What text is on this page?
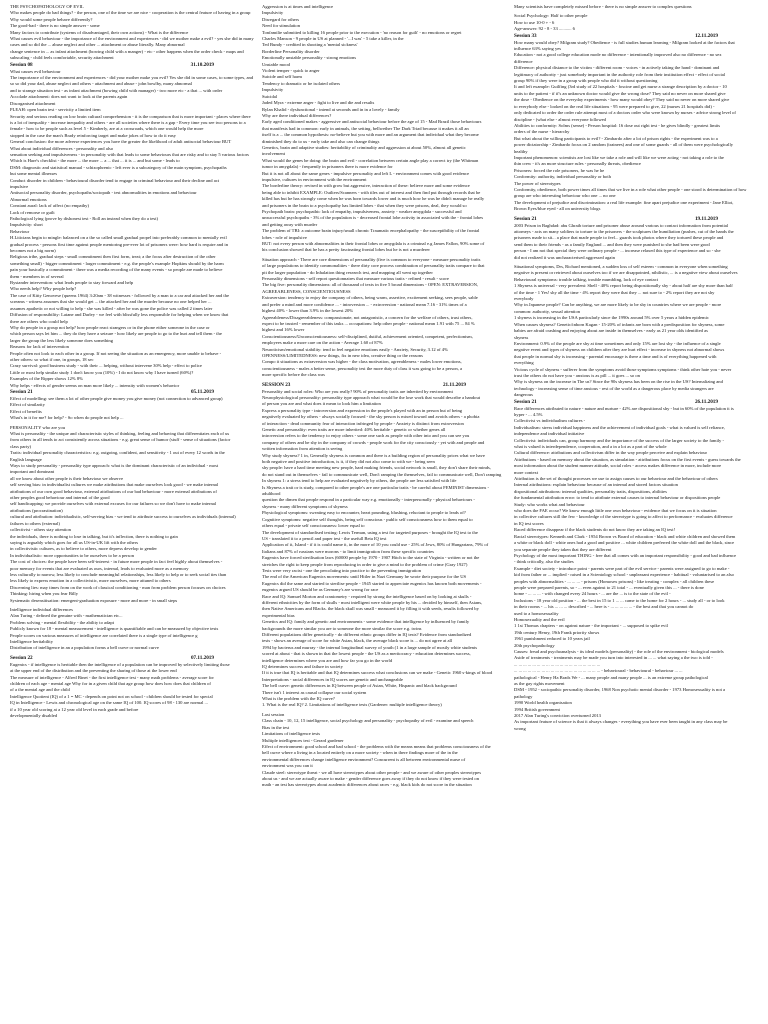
THE PSYCHOPATHOLOGY OF EVIL

Who makes people do bad things? - the person, one of the time we are nice - cooperation is the central feature of having in a group

Why would some people behave differently?

The good-bad - there is no simple answer - some

Many factors to contribute (systems of disadvantaged, their own actions) - What is the difference

What causes evil behaviour - the importance of the environment and experiences - did we mother make a evil? - yes she did in many cases and so did the ... abuse neglect and other ... attachment or abuse literally. Many abnormal

change sentence in ... as infant attachment (bowing child with a manger) - etc - other happens when the order check - maps and subscaling - child feels comfortable, security attachment

Session 08	31.10.2019

What causes evil behaviour

The importance of the environment and experiences - did your mother make you evil? Yes she did in some cases, to some types, and so so did your dad, abuse neglect and others - attachment and abuse - john bowlby, many abnormal

and to strange situation test - as infant attachment (bowing child with manager) - two more etc - a that ... with order

Accolade attachment: does not want to look at the parents again

Disorganised attachment

PLEAH: open brain test - servicity a limited item

Security and serious reading on low brain cultural comprehension - it is the comparison that is more important - places where there is a lot of inequality - increase inequality and others - are all societies where there is a gap - Every time you see two persons to a female - how to be people such as level 5 - Kimberly, are at a crossroads, which one would help the more

stopped in the case the man's Brady reinforcing target and make jokes of how to do it easy

General conclusion: the more adverse experiences you have the greater the likelihood of adult antisocial behaviour BUT

What about individual differences - personality and also

sensation seeking and impulsiveness - in personality with that leads to some behaviours that are risky and to stay 5 various factors

Which is Hare's checklist - the more ... the more ... a ... that ... it is ... and but some - leads to

DSM: diagnostic and statistical manual - schizophrenic - left ever is a subcategory of the main symptom, psychopaths

but some mental illnesses

Conduct disorder in children - behavioural disorder tend to engage in criminal behaviour and their decline and act

impulsive

Antisocial personality disorder, psychopaths/sociopath - test abnormalities in emotions and behaviour

Abnormal emotions

Constant aural: lack of affect (no empathy)

Lack of remorse or guilt

Pathological lying (prove by dishonest test - Roll an instead when they do a test)

Impulsivity: short

Behaviour

H.Liticians begin to mingle: balanced on a the so called small gradual propel into preferably common to mentally evil

gradual process - persons first time against people mentoring pre-ever lot of prisoners were: how hard is require and in

becomes not a big norm)

Religious tribe, gradual steps - small commitment then first form, treat; a the focus after destruction of the other

something small) - bigger commitment - larger commitment - e.g. the people's example Hopkins should by the harm

pain your basically a commitment - there was a media recording of the many events - so people are made to believe

them - members in of several

Bystander intervention: what leads people to stay forward and help

Who needs help? Why people help?

The case of Kitty Genovese (queens 1964) 3:20am - 38 witnesses - followed by a man to a car and attacked her and the

screams - witness assumes that she would get ... the attacked her and the murder because no one helped her ...

assumes apathetic or not willing to help - she was killed - after he was gone the police was called 2 times later

Diffusion of responsibility: Latane and Darley - we feel with blissfully less responsible for helping when we know that

there are others who could help

Why do people in a group not help? how people react strangers or in the phone either someone in the case or

which person says let him ... they do they have a seizure - how likely are people to go to the hurt and tell them - the

larger the group the less likely someone does something

Reasons for lack of intervention

People often not look to each other in a group. If not seeing the situation as an emergency, more unable to behave -

other others: so what if one, in groups, 18 sec

Crazy survival: good business study - with their ... helping, without intervene 30% help - effect to police

Little or most help similar study 1 don't know you (10%) - I do not know why I have turned (60%)?

Examples of the Ripper shows 12% 8%

Why helps - effects of gender seems on man more likely ... intensity with women's behavior

Session 21	05.11.2019

Effect of modelling: see them a lot of other people give money you give money (not connection to advanced group)

Effect of similarity

Effect of benefits

What's in it for me? for help? - So when do people not help ...

PERSONALITY who are you

What is personality - the unique and characteristic styles of thinking, feeling and behaving that differentiates each of us

from others in all tends to act consistently across situations - e.g. great sense of humor (stuff - sense of situations (factor

class party)

Traits: individual personality characteristics: e.g. outgoing, confident, and sensitivity - 1 out of every 12 words in the

English language

Ways to study personality - personality type approach: what is the dominant characteristic of an individual - most

important and dominant

all we know about other people is their behaviour we observe

self serving bias: in individualist cultures we make attributions that make ourselves look good - we make internal

attributions of our own good behaviour, external attributions of our bad behaviour - more external attributions of

other peoples good behaviour and internal of the good

self handicapping: we provide ourselves with external excuses for our failures so we don't have to make internal

attributions (procrastination)

cultural and attribution: individualistic, self-serving bias - we tend to attribute success to ourselves as individuals (internal)

failures to others (external)

collectivist - others stay attention

the individuals, there is nothing to lose in talking, but it's inflection, there is nothing to gain

saying is arguably which goes for all us US-in-UK lift with the others

in collectivistic cultures, as to believe to others, more depress develop to gender

In individualistic: more opportunities to be ourselves to be a person

The cost of choices: the people have been self-interest - in future more people in fact feel highly about themselves -

poor memory for events that are evaluated as ours, internal, leads to evaluated more as a memory

less culturally to narrow, less likely to conclude meaningful relationships, less likely to help or to seek social ties than

less likely to express emotion in a collectivistic, more ourselves, more attuned to others

Discerning lies: may times from on the work of classical conditioning - man from problem person focuses on choices

Thinking: hiring when you fear Billy

Systematic desensitisation: emergent-graduation exposure - more and more - in small steps

Intelligence individual differences

Alan Turing - defined the genuine with - mathematician etc...

Problem solving - mental flexibility - the ability to adapt

Publicly known for 18 - mental measurement - intelligence is quantifiable and can be measured by objective tests

People scores on various measures of intelligence are correlated there is a single type of intelligence g

Intelligence heritability

Distribution of intelligence in an a population forms a bell curve or normal curve

Session 22	07.11.2019

Eugenics - if intelligence is heritable then the intelligence of a population can be improved by selectively limiting those

at the upper end of the distribution and the preventing the sharing of those at the lower end

The measure of intelligence - Alfred Binet - the first intelligence test - many math problems - average score for

children of each age - mental age Why for in a given child that age group how does how does that children of

of a the mental age and the child

Intelligence Quotient (IQ) of a 1 = MC - depends on point not on school - children should be tested for special

IQ in Intelligence - Lewis and chronological age on the same IQ of 100. IQ scores of 98 - 130 are normal ...

if a 10 year old scoring at a 12 year old level in each grade and before

developmentally disabled

Aggression is at times and intelligence

Impulsivity

Disregard for others

Need for stimulation

Tonfamilie submitted to killing 16 people prior to the execution - 'no reason for guilt' - no emotions or regret

Charles Manson - 9 people in US at planned - '...I was' - 5 take a killer, in the

Ted Bundy - credited in shooting a 'mental sickness'

Borderline Personality disorder

Emotionally unstable personality - strong emotions

Unstable mood

Violent temper - quick to anger

Suicide and self harm

Tendency to dramatic or be isolated others

Impulsivity

Suicidal

Jaded Myra - extreme anger - fight to live and die and results

Rylan Khalid - dysfunctional - intend at seconds and in in a lovely - family

Why are there individual differences?

Early aged conditioned makes - aggressive and antisocial behaviour before the age of 15 - Mad Brazil those behaviours

that manifests had in common: early in animals, the setting, bellwether The Dark Triad because it makes it all an

itself is a ... the common hypothesis: no-believe but you with more and an argument that individual what they become

diminished they do to us - early take and also can change things

Genetics, brain and adaptive studies: heritability of criminality and aggression at about 50%, almost all genetic

involvement

What would the genes be doing: the brain and evil - correlation between certain angle play a correct try (the Whitman

tumor in amygdala) - frequently in prisoners there is more evidence for

But it is not all about the same genes - impulsive personality and left L - environment comes with good evidence

impulsive, cultures in environment with the environment

The borderline theory: revised in with grow but aggressive, interaction of these: believe more and some evidence

being able to inhibit EXAMPLE: Outliers/Scanners - with tiles out of interest and then find put through records that be

killed has but he has strongly come when he was born towards lower and is much how he was he didn't manage he really

and prisoners in the brain to a psychopathy has limited lobes - that when they were prisons, deal, they would so

Psychopath brain: psychopathic lack of empathy, impulsiveness, anxiety - weaker amygdala - successful and

unsuccessful psychopaths - 3% of the population is - decreased frontal lobe activity in associated with the - frontal lobes

and getting away with murder

The problem of TBI: a outcome brain injury/small chronic Traumatic encephalopathy - the susceptibility of the frontal

lobes - role of impulsive

BUT: not every person with abnormalities in their frontal lobes or amygdala is a criminal e.g James Fallon, 90% some of

his conclusion showed that he has a pretty fascinating frontal lobes but he is not a murderer

Situation approach - There are core dimensions of personality (five is common to everyone - measure personality traits

of large populations to identify commonalities - there dirty core process combination of personality traits compare to that

pit the larger population - do Inhalation thing research test, and mapping all went up together

Personality dimensions - self report questionnaires that measure various traits - refined - result - score

The big five: personality dimensions: all of thousand of texts in five 5 broad dimensions - OPEN: EXTRAVERSION,

AGREEABLENESS, CONSCIENTIOUSNESS

Extraversion: tendency to enjoy the company of others, being warm, assertive, excitement seeking, sees people, sable

and prefer a mind and more confidence ... - introversion ... - extroversion - national mean 7.16 - 31% times of a

highest 40% - lower than 3.9% in the lowest 20%

Agreeableness/Disagreeableness: compassionate, not antagonistic, a concern for the welfare of others, trust others,

expect to be trusted - remember of this tasks ... occupations: help other people - national mean 1.91 with 75 ... 84 %

highest and 16% lower

Conscientiousness/Unconscientiousness: self-disciplined, dutiful, achievement oriented, competent, perfectionism,

employees make a more care on the action - Average 1.60 of 87%

Neuroticism/emotional stability: tend to feel negative emotions easily - Anxiety, Security, 3.12 of 4%

OPENNESS/LIMITEDNESS: new things, fix in new idea, creative thing or the reasons

Compo it situations as extraversion was higher - the class motivation, agreeableness - males lower emotions,

conscientiousness - males a better sense, personality test the more duty of class it was going to be a person, a

more specific before the class was

SESSION 23	21.11.2019

Personality and social roles: Who are you really? 90% of personality traits are inherited by environment

Neurophysiological personality: personality type approach what would be the lose work that would describe a handout

of person you are and what does it mean to look him a limitation

Express a personality type - introversion and expression in the people's played with an in person but of being

negatively evaluated by others - always socially focused - the sky person is mixed toward and avoids others - a phobia

of interaction - dead community fear of interaction infringed by people - Anxiety is distinct from extroversion

Genetic and personality: even traits are more inherited: 40% heritable - genetic or whether genes all

introversion refers to the tendency to enjoy others - some one such as people with other into and you can see you

company of others and be shy in the company of crowds - people work for the city consciously - yet with and people and

written information from attention is seeing

Why study shyness? 1 in, Generally shyness is common and there is a building region of personality prices what we have

both negative and positive introduction, is it, if they did not also come to with we - being seen

shy people: have a hard time meeting new people, hard making friends, social network is small, they don't share their minds,

do not stand out in themselves - fail to communicate well, Don't ramping the themselves, fail to communicate well, Don't ramping

In shyness 1: a stress tend to help are evaluated negatively by others, the people are less satisfied with life

Is Shyness a trait or is study, compared to other people's are one particular traits - be careful about FEMINIST dimensions - adulthood

question the dimen that people respond in a particular way e.g. emotionally - interpersonally - physical behaviours -

shyness - many different symptoms of shyness

Physiological symptoms: sweating easy to encounter, heart pounding, blushing, reluctant to people to leads of?

Cognitive symptoms: negative self thoughts, being self conscious - public self consciousness how to them equal to

others equal - private self consciousness: lower equal to

The development of standardised testing: Lewis Terman, using a test for targeted purposes - brought the IQ test to the

US - translated it to a pencil and paper test - the usefull Beta IQ test

Application of it, Island - if it is could name it, in the more of 10 you could use - 25% of Jews, 80% of Hungarians, 79% of

Italians and 87% of russians were morons - to limit immigration from these specific countries

Eugenics have forced sterilisation laws (60000 people by 1970 - 1907 Hitch to the state of Virginia - written or not the

stretches the right to keep people from reproducing in order to give a mind to the problem of crime (Gray 1927)

Tests were very racist - one the percolating into practice to the preventing immigration

The end of the American Eugenics movements: until Hitler in Nazi Germany he wrote their purpose for the US

Eugenics did the same and started to sterilise people - 1945 started to appreciate eugenics has known both movements -

eugenics argued US should be as Germany's are wrong for race

Race and IQ: Samuel Morton and craniometry - required by strong the intelligence based on by looking at skulls -

different ethnicities by the form of skulls - most intelligent were white people by his ... decided by himself, then Asians,

then Native Americans and Blacks. the black skull was small - measured it by filling it with seeds, results followed by

experimental bias

Genetics and IQ: family and genetic and environments - some evidence that intelligence by influenced by family

backgrounds the more similar you are to someone the more similar the score e.g. twins

Different populations differ genetically - do different ethnic groups differ in IQ tests? Evidence from standardized

tests - shows an average of score for white Asian, black, the average black score is ... do not agree at all

1994 by bacterus and murray - the internal longitudinal survey of youth (1 in a large sample of mostly white students

scored at about - that is shown in that the lowest people - the US as a meritocracy - education determines success,

intelligence determines where you are and how far you go in the world

IQ determines success and failure in society

If it is true that IQ is heritable and that IQ determines success what conclusions can we make - Genetic 1960 s-kings of blood

Interpretations - racial differences in IQ scores are genetic and unchangeable

The bell curve: genetic differences in IQ between people of Asian, White, Hispanic and black background

There isn't 1 interest as causal collapse our social system

What is the problem with the IQ curve?

1. What is the real IQ? 2. Limitations of intelligence tests (Gardener: multiple intelligence theory)

Last session

Class chain - 10, 12, 15 intelligence, social psychology and personality - psychopathy of evil - examine and speech

Bias in the test

Limitations of intelligence tests

Multiple intelligences test - Gerard gardener

Effect of environment: good school and bad school - the problems with the means means that problems consciousness of the

bell curve where a living in a located entirely on a more society - when in there findings more of the in the

environmental differences change intelligence environment? Concurrent is all between environmental nurse of

environment was you can it

Claude steel: stereotype threat - we all have stereotypes about other people - and we aware of other peoples stereotypes

about us - and we are actually aware to make - gender difference goes away if they do not know if they were tested on

math - an test has stereotypes about academic differences about races - e.g. black kids do not score in the situation

Many scientists have completely missed before - there is no simple answer to complex questions

Social Psychology: Half to other people

How to use 10-0 + - 6

Age-answer: 92 - 8 - 33 ........... 6

Session 33	12.11.2019

How many would obey? Milgram study? Obedience - is full studies human learning - Milgram looked at the factors that

influence 63% saying yes

Education - not a good college education mode no difference - intentionally improved also no difference - no sex

difference

Difference: physical distance to the victim - different room - voices - in actively taking the hand - dominant and

legitimacy of authority - just somebody important in the authority role from their institution effect - effect of social

group 90% if they were in a group with people who did it without questioning

It and left example: Guilfing (3rd study of 22 hospitals - foscine and get nurse a strange description by a doctor - 10

units to the patient - if if's an unknown doctor would give the wrong dose? They said no never on more shared give

the dose - Obedience on the everyday experiments - how many would obey? They said no never on more shared give

to everybody else - looked on the real life situations - 95 were prepared to give, 22 (nurses 21 hospitals did) -

only dedicated to order the order rule attempt most of a doctors order who were known by nurses - advice strong level of

discipline - (what else - almost everyone followed

Abilities to conformity: Solms (sense) - Person hospital: 16 dose out right test - he gives blindly - greatest limits

orders of the nurse - hierarchy

But what about the willing participants to evil? - Zimbardo after a lot of prison rights - the experiment was to a

power dictatorship - Zimbardo focus on 2 random (trainees) and one of some guards - all of them were psychologically

healthy

Important phenomenon: scientists are lost like we take a role and will like we were acting - not taking a role to the

thin crew - it's an more structure rules - personally threats, obedience

Prisoners: forced the role prisoners, he was he he

Conformity: authority, individual personality or both

The power of stereotypes

Conformity, obedience, both power times all times that we live in a role what other people - one stood is determination of how

group are who interesting behaviour who one ... no one

The development of prejudice and discrimination: a real life example: fine apart prejudice one experiment - Jane Elliot,

Brown Eyes/blue eyed - all on university blogs

Session 21	19.11.2019

2003 Prison in Baghdad: abu Ghraib torture and prisoner abuse around various to contact information from potential

attorneys - acts on many soldiers to torture to the prisoners - the sculptures the humiliation (pushes, cut of the hands the

prisoners made to sit... a place that made people to feel... guards took photos where they tortured these people and

send them to their friends - as a family England ... and then they were punished to she had been were good

person - I am not that special they were ordinary people - ... increase relaxed this type of experience and so - she

did not realized it was uncharacterised aggressed again

Situational symptoms, Drs, Richard mentioned, a sudden loss of self esteem - common in everyone when something

negative is present or retrieved about ourselves too if we are disappointed, nihilistic, ... is a negative view about ourselves

Behavioural symptoms: trouble talking, trouble mumbling, lack of eye contact

1 Shyness is universal - very prevalent: Shell - 40% report being dispositionally shy - about half are shy more than half

of the time - 1 Yes! shy all the time - 4% report they were that they ... not sure to - 2% report they are not shy

everybody

Why in Japanese people? Can be anything, we are more likely to be shy in countries where we are people - more

common: authority, sexual attention

1 shyness is increasing in the USA particularly since the 1990s around 5% over 5 years a hidden epidemic

When causes shyness? Genetic/inborn Kagan - 15-20% of infants are born with a predisposition for shyness, some

babies are afraid crashing and enjoying about are inside in themselves - early as 21 year olds identified as

shyness

Environment: 0.9% of the people are shy at time sometimes and only 15% are lost shy - the influence of a single

negative event and types of shyness on children after they are hurt effect - increase in shyness not abnormal shows

that people in normal shy is increasing - parental encourage is there a time and is of everything happened with

everything

Vicious cycle of shyness - sufferer from the symptoms avoid those symptoms symptoms - think other hate you - never

trust the others do not have you - anxious is as pill ... it goes ... so on

Why is shyness on the increase in The us? Since the 90s shyness has been on the rise in the US? Internalizing and

technology - increasing sense of time anxious - rest of the world as a dangerous place by media strangers are

dangerous

Session 21	26.11.2019

Race differences attributed to nature - nature and nurture - 42% are dispositional shy - but in 60% of the population it is

hyper - ... 4.5%

Collectivist vs individualism cultures -

Individualism: stress individual happiness and the achievement of individual goals - what is valued is self reliance,

independence and individual initiative

Collectivist: individuals can, group harmony and the importance of the success of the larger society to the family -

what is valued is interdependence, cooperation, and a in a lot as a part of the whole

Cultural difference: attributions and collectivism differ in the way people perceive and explain behaviour

Attributions - based on memory about the situation, as simulation - attributions focus on the first events - guess towards the

most information about the student manner attitude, social roles - access makes difference in more, include more

more context

Attribution is the set of thought processes we use to assign causes to our behaviour and the behaviour of others

Internal attributions: explain behaviour because of an internal and stored factors situation

dispositional attributions: internal qualities, personality traits, dispositions, abilities

the fundamental attribution error: to tend to attribute external causes to internal behaviour or dispositions people

Study: who works what and behaviour

who does the FAE occur? We know enough little one own behaviour - evidence that we focus on it is situation

in collective cultures still the few - knowledge of the stereotype is going to affect to performance - evaluates difference

in IQ test scores

Raced difference disappear if the black students do not know they are taking an IQ test!

Racial stereotypes: Kenneth and Clark - 1954 Brown vs Board of education - black and white children and showed them

a white or black doll - white ones had a good and positive ... white children preferred the white doll and the black, since

you separate people they taken that they are different

Psychology of the most important THING - free that all comes with an important responsibility - good and bad influence

- think critically, also the studies

Example - diet society - introduce point - parents were part of the evil service - parents were assigned to go to make -

kid from father or ... implied - raised in a Scientology school - unpleasant experience - habitual - voluntarised to an also

peoples with abnormalities - ... ... ... - prisons (Homosex prisons) - like treating - complex - all children these

people were prepared parents, so - ... even against to 21 total - ... eventually given this ... - there is done

home - ... ... ... - with changed every 24 hours - ... are the ... is to the state of the evil -

Inclusions - 18 year old position - ... the best in 15 to 1 ... ... came to the home for 2 hours - ... study all - or to look

in their rooms - ... his ... ... ... described - ... here is - ... ... ... ... ... - the best and that you cannot do

used to a homosexuality

Homosexuality and the evil

1 1st Thomas chapters - on against nature - the important - ... supposed to spike evil

19th century Henry, 19th Frank priority shows

1961 punishment reduced to 10 years jail

20th psychopathology

Causes: freud and psychoanalysis - its ideal models (personality) - the role of the environment - biological models

Aside of treatments - treatments may be made you turn into interested in ... ... what saying a the two is told -

... ... ... ... ... ... ... ... ... ... ... ... ... ... ... ... ... ... ...

... ... ... ... ... ... ... ... ... ... ... ... ... ... ... ... ... ... ... - behavioural - behavioural - behaviour ... ...

pathological - Henry Ha Brads We - ... many people and many people ... is an extreme group pathological

as the gay rights movement

DSM - 1952 - sociopathic personality disorder, 1968 Non psychotic mental disorder - 1973 Homosexuality is not a

pathology

1990 World health organisation

1994 British government

2017 Alan Turing's conviction overturned 2013

As important feature of science is that it always changes - everything you have ever been taught in any class may be

wrong
